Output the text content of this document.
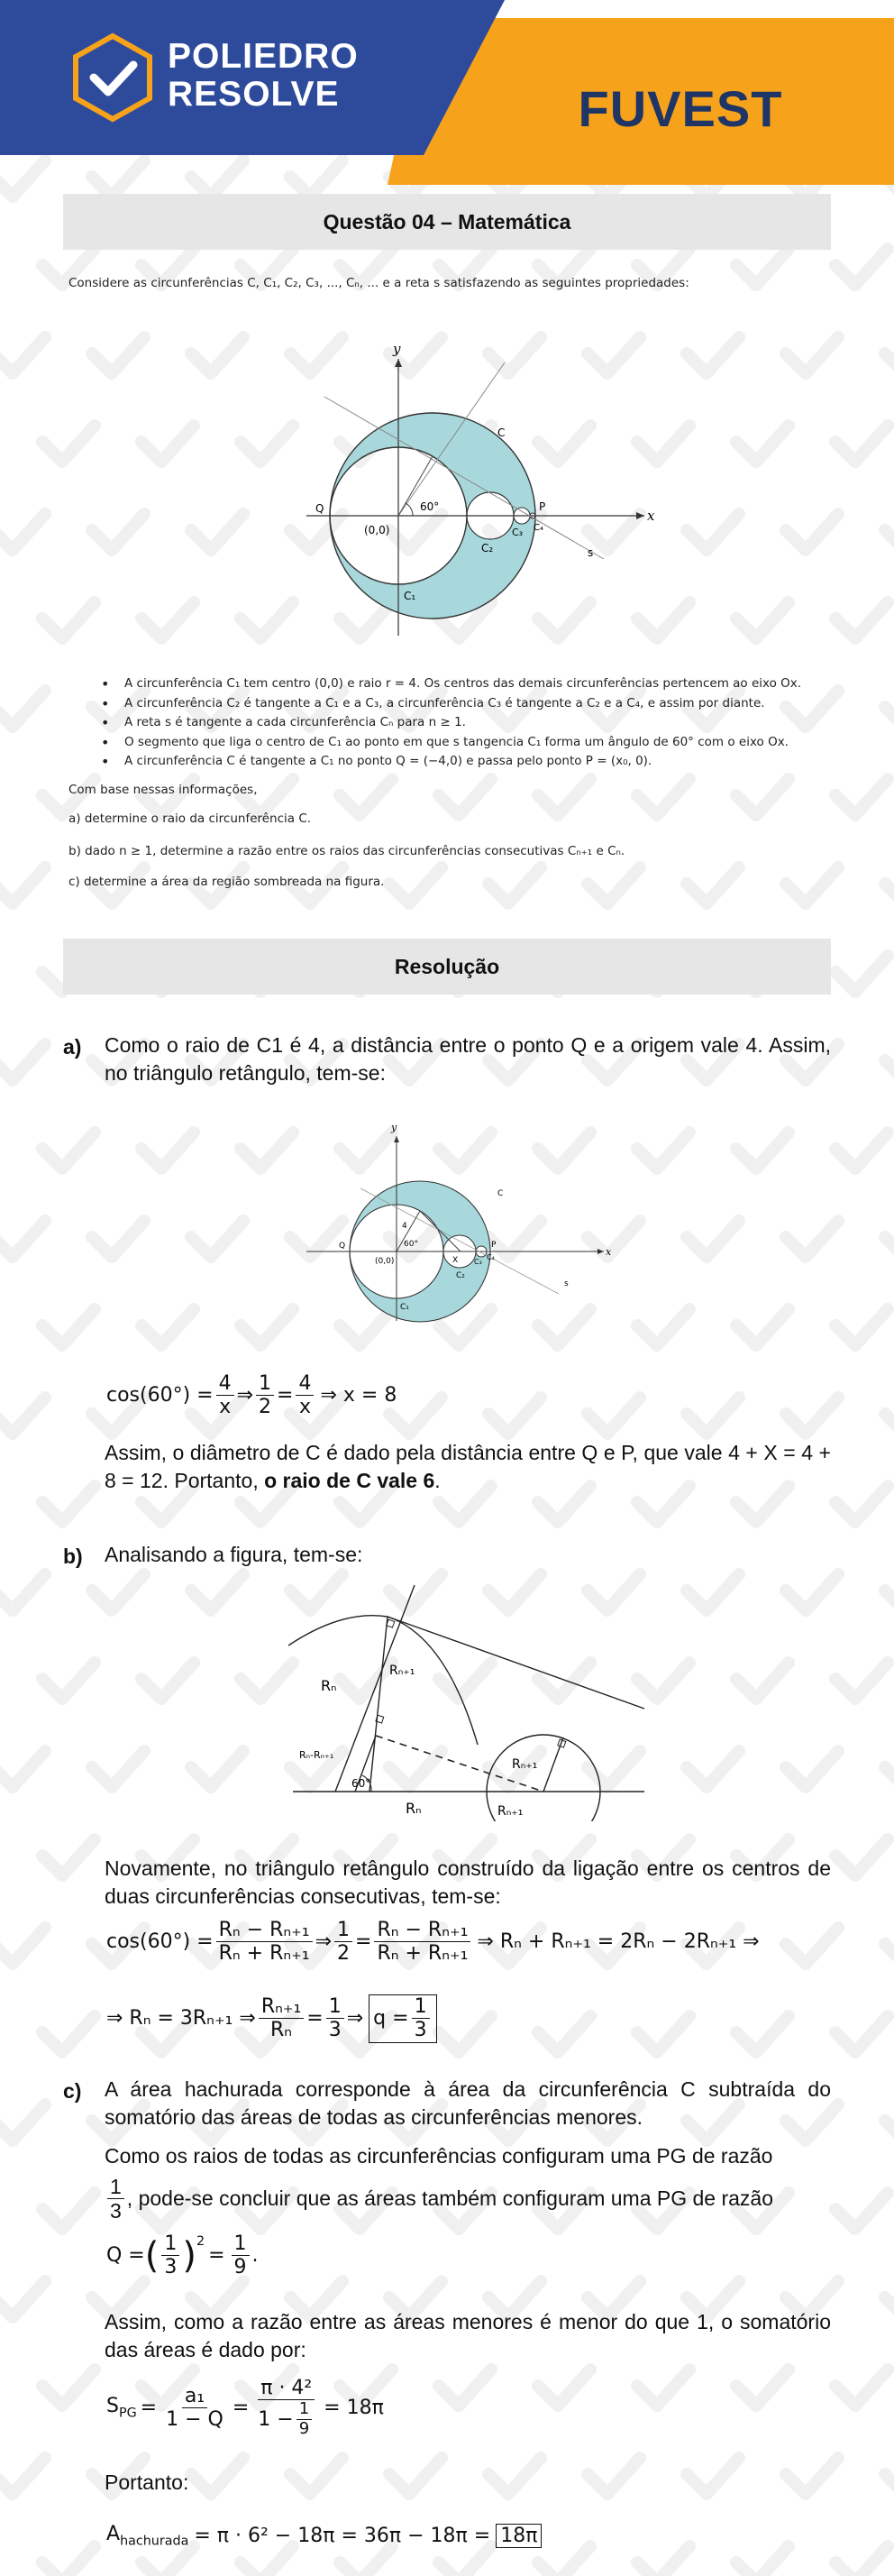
POLIEDRO
RESOLVE	FUVEST
Questão 04 – Matemática
Considere as circunferências C, C₁, C₂, C₃, ..., Cₙ, ... e a reta s satisfazendo as seguintes propriedades:
y
x
C
Q
(0,0)
60°	P
C₁
C₂
C₃ C₄
s
• A circunferência C₁ tem centro (0,0) e raio r = 4. Os centros das demais circunferências pertencem ao eixo Ox.
• A circunferência C₂ é tangente a C₁ e a C₃, a circunferência C₃ é tangente a C₂ e a C₄, e assim por diante.
• A reta s é tangente a cada circunferência Cₙ para n ≥ 1.
• O segmento que liga o centro de C₁ ao ponto em que s tangencia C₁ forma um ângulo de 60° com o eixo Ox.
• A circunferência C é tangente a C₁ no ponto Q = (−4,0) e passa pelo ponto P = (x₀, 0).
Com base nessas informações,
a) determine o raio da circunferência C.
b) dado n ≥ 1, determine a razão entre os raios das circunferências consecutivas Cₙ₊₁ e Cₙ.
c) determine a área da região sombreada na figura.
Resolução
a) Como o raio de C1 é 4, a distância entre o ponto Q e a origem vale 4. Assim, no triângulo retângulo, tem-se:
y
x
C
Q
(0,0)
60°
4
X
P
C₁
C₂
C₃
C₄
s
$\cos(60^\circ) = \frac{4}{x}$ ⇒ $\frac{1}{2} = \frac{4}{x}$ ⇒ x = 8
Assim, o diâmetro de C é dado pela distância entre Q e P, que vale 4 + X = 4 + 8 = 12. Portanto, o raio de C vale 6.
b) Analisando a figura, tem-se:
Rₙ
Rₙ₊₁
Rₙ-Rₙ₊₁
60°
Rₙ
Rₙ₊₁
Rₙ₊₁
Novamente, no triângulo retângulo construído da ligação entre os centros de duas circunferências consecutivas, tem-se:
$\cos(60^\circ) = \frac{\text{Rₙ − Rₙ₊₁}}{\text{Rₙ + Rₙ₊₁}}$ ⇒ $\frac{1}{2} = \frac{\text{Rₙ − Rₙ₊₁}}{\text{Rₙ + Rₙ₊₁}}$ ⇒ Rₙ + Rₙ₊₁ = 2Rₙ − 2Rₙ₊₁ ⇒
⇒ Rₙ = 3Rₙ₊₁ ⇒ $\frac{\text{Rₙ₊₁}}{\text{Rₙ}} = \frac{1}{3}$ ⇒ $q = \frac{1}{3}$
c) A área hachurada corresponde à área da circunferência C subtraída do somatório das áreas de todas as circunferências menores.
Como os raios de todas as circunferências configuram uma PG de razão
$\frac{1}{3}$ , pode-se concluir que as áreas também configuram uma PG de razão
Q = ( $\frac{1}{3} )^2$
= $\frac{1}{9}$ .
Assim, como a razão entre as áreas menores é menor do que 1, o somatório das áreas é dado por:
$S_{PG} = \frac{\text{a₁}}{1 - Q} = \frac{\text{π · 4²}}{1 - \frac{1}{9}} = 18\pi$
Portanto:
$A_{hachurada} = \pi \cdot 6^2 - 18\pi = 36\pi - 18\pi = 18\pi$
